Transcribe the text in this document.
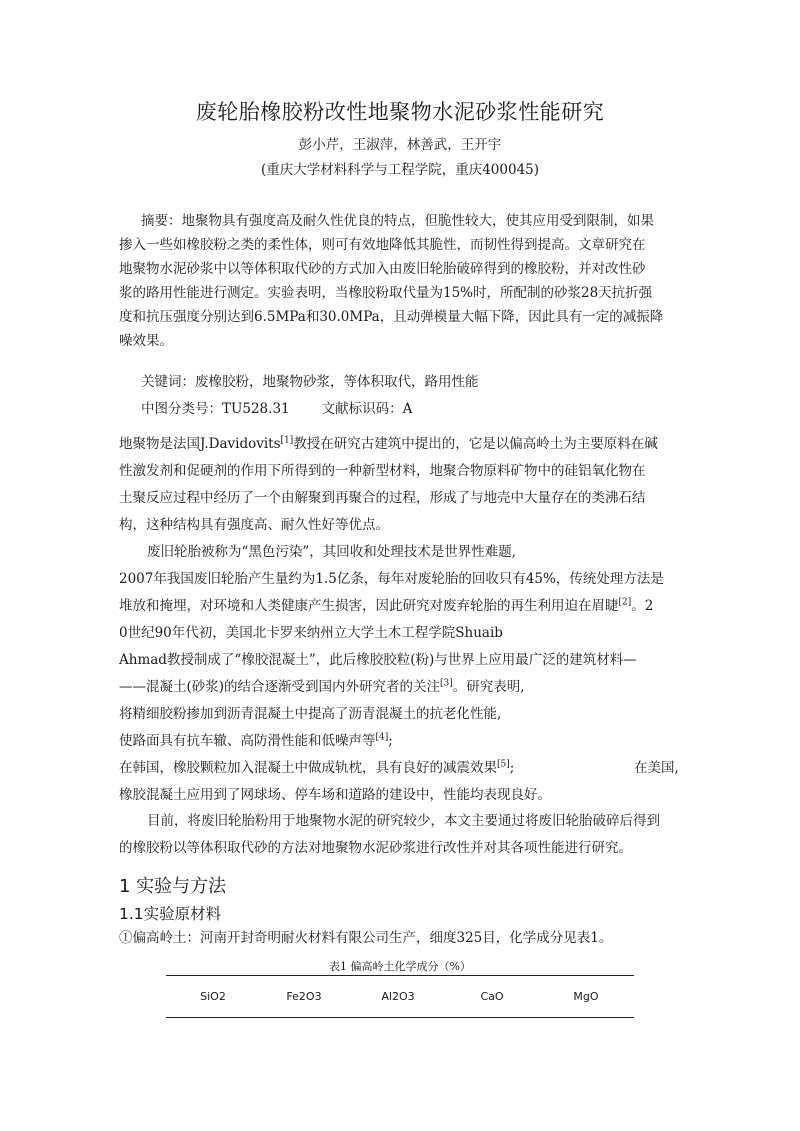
废轮胎橡胶粉改性地聚物水泥砂浆性能研究
彭小芹，王淑萍，林善武，王开宇
(重庆大学材料科学与工程学院，重庆400045)
摘要：地聚物具有强度高及耐久性优良的特点，但脆性较大，使其应用受到限制，如果
掺入一些如橡胶粉之类的柔性体，则可有效地降低其脆性，而韧性得到提高。文章研究在
地聚物水泥砂浆中以等体积取代砂的方式加入由废旧轮胎破碎得到的橡胶粉，并对改性砂
浆的路用性能进行测定。实验表明，当橡胶粉取代量为15%时，所配制的砂浆28天抗折强
度和抗压强度分别达到6.5MPa和30.0MPa，且动弹模量大幅下降，因此具有一定的减振降
噪效果。
关键词：废橡胶粉，地聚物砂浆，等体积取代，路用性能
中图分类号：TU528.31 文献标识码：A
地聚物是法国J.Davidovits[1]教授在研究古建筑中提出的，它是以偏高岭土为主要原料在碱
性激发剂和促硬剂的作用下所得到的一种新型材料，地聚合物原料矿物中的硅铝氧化物在
土聚反应过程中经历了一个由解聚到再聚合的过程，形成了与地壳中大量存在的类沸石结
构，这种结构具有强度高、耐久性好等优点。
废旧轮胎被称为“黑色污染”，其回收和处理技术是世界性难题,
2007年我国废旧轮胎产生量约为1.5亿条，每年对废轮胎的回收只有45%，传统处理方法是
堆放和掩埋，对环境和人类健康产生损害，因此研究对废弃轮胎的再生利用迫在眉睫[2]。2
0世纪90年代初，美国北卡罗来纳州立大学土木工程学院Shuaib
Ahmad教授制成了“橡胶混凝土”，此后橡胶胶粒(粉)与世界上应用最广泛的建筑材料—
——混凝土(砂浆)的结合逐渐受到国内外研究者的关注[3]。研究表明,
将精细胶粉掺加到沥青混凝土中提高了沥青混凝土的抗老化性能,
使路面具有抗车辙、高防滑性能和低噪声等[4];
在韩国，橡胶颗粒加入混凝土中做成轨枕，具有良好的减震效果[5];	在美国,
橡胶混凝土应用到了网球场、停车场和道路的建设中，性能均表现良好。
目前，将废旧轮胎粉用于地聚物水泥的研究较少，本文主要通过将废旧轮胎破碎后得到
的橡胶粉以等体积取代砂的方法对地聚物水泥砂浆进行改性并对其各项性能进行研究。
1 实验与方法
1.1实验原材料
①偏高岭土：河南开封奇明耐火材料有限公司生产，细度325目，化学成分见表1。
表1 偏高岭土化学成分（%）
SiO2	Fe2O3	Al2O3	CaO	MgO
